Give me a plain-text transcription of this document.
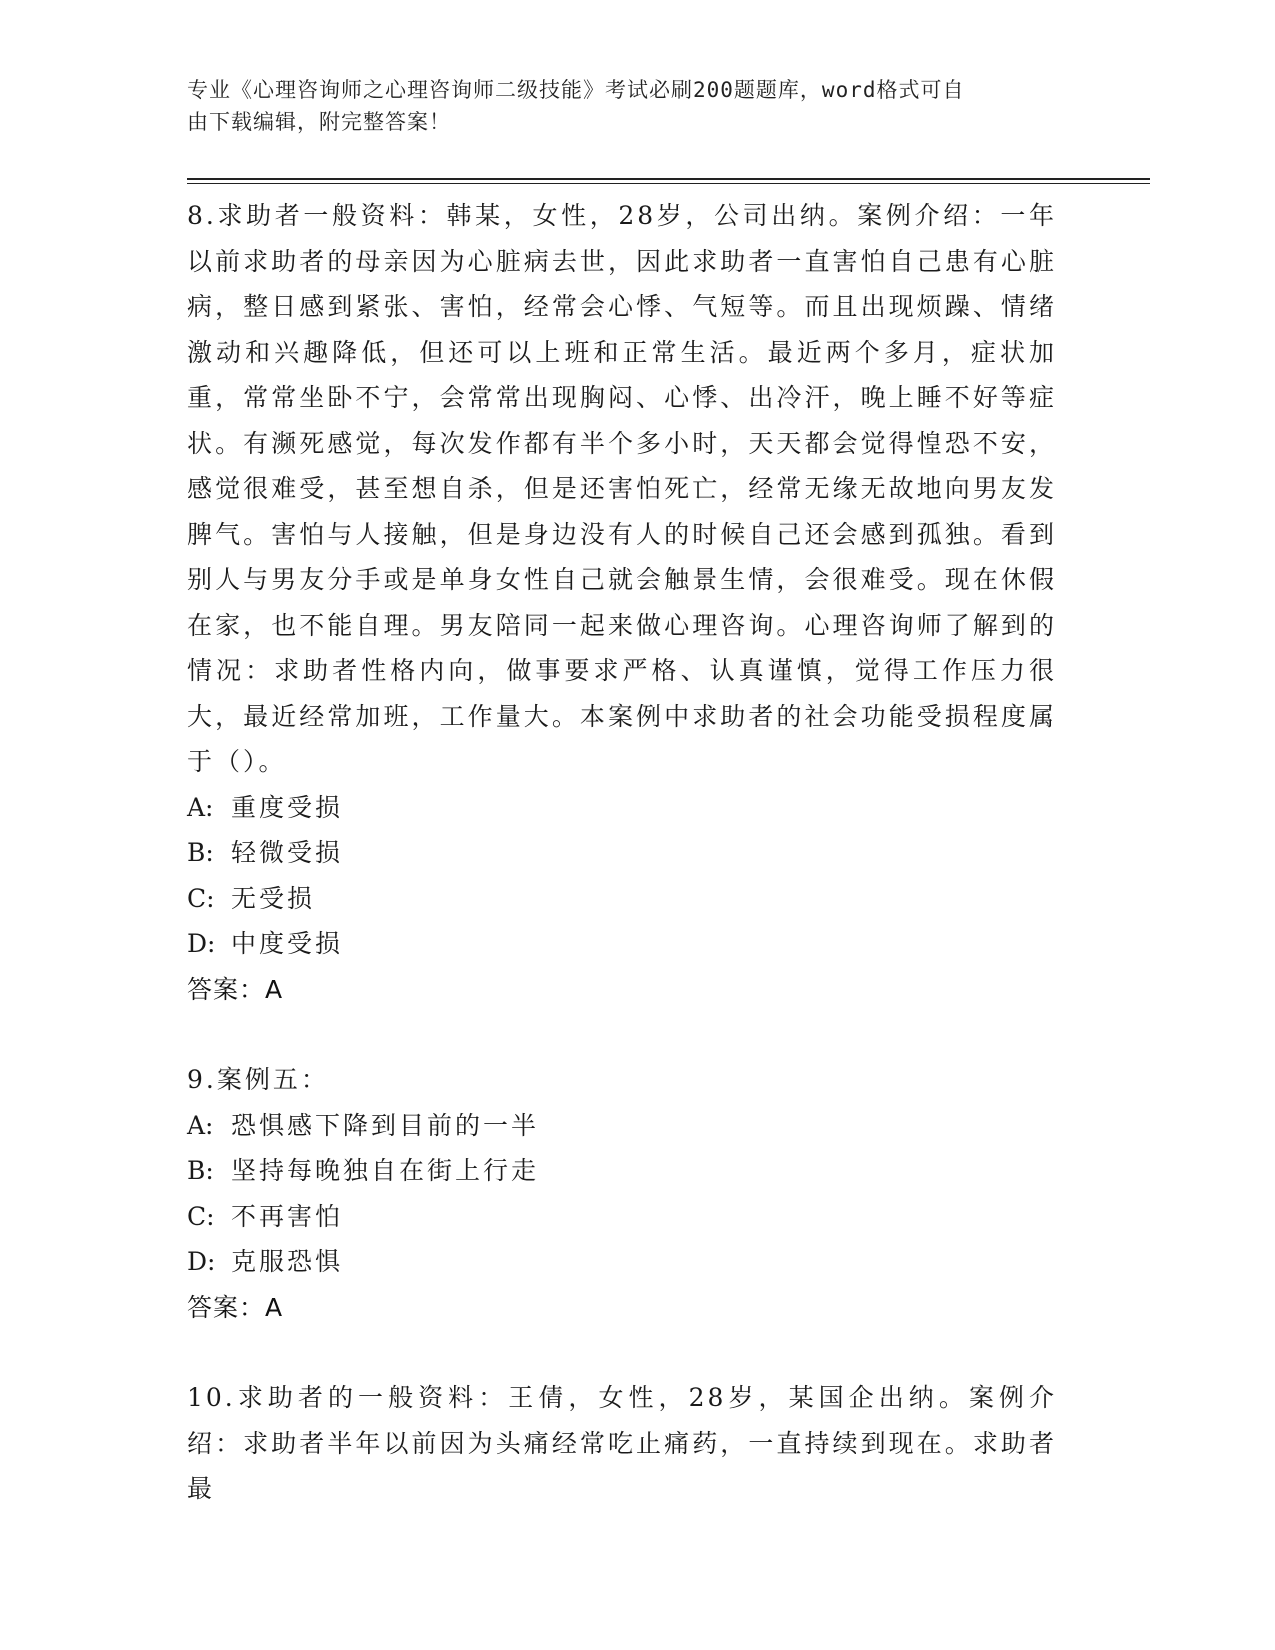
专业《心理咨询师之心理咨询师二级技能》考试必刷200题题库，word格式可自
由下载编辑，附完整答案！

8.求助者一般资料：韩某，女性，28岁，公司出纳。案例介绍：一年以前求助者的母亲因为心脏病去世，因此求助者一直害怕自己患有心脏病，整日感到紧张、害怕，经常会心悸、气短等。而且出现烦躁、情绪激动和兴趣降低，但还可以上班和正常生活。最近两个多月，症状加重，常常坐卧不宁，会常常出现胸闷、心悸、出冷汗，晚上睡不好等症状。有濒死感觉，每次发作都有半个多小时，天天都会觉得惶恐不安，感觉很难受，甚至想自杀，但是还害怕死亡，经常无缘无故地向男友发脾气。害怕与人接触，但是身边没有人的时候自己还会感到孤独。看到别人与男友分手或是单身女性自己就会触景生情，会很难受。现在休假在家，也不能自理。男友陪同一起来做心理咨询。心理咨询师了解到的情况：求助者性格内向，做事要求严格、认真谨慎，觉得工作压力很大，最近经常加班，工作量大。本案例中求助者的社会功能受损程度属于（）。

A: 重度受损
B: 轻微受损
C: 无受损
D: 中度受损
答案：A

9.案例五：

A: 恐惧感下降到目前的一半
B: 坚持每晚独自在街上行走
C: 不再害怕
D: 克服恐惧
答案：A

10.求助者的一般资料：王倩，女性，28岁，某国企出纳。案例介绍：求助者半年以前因为头痛经常吃止痛药，一直持续到现在。求助者最
